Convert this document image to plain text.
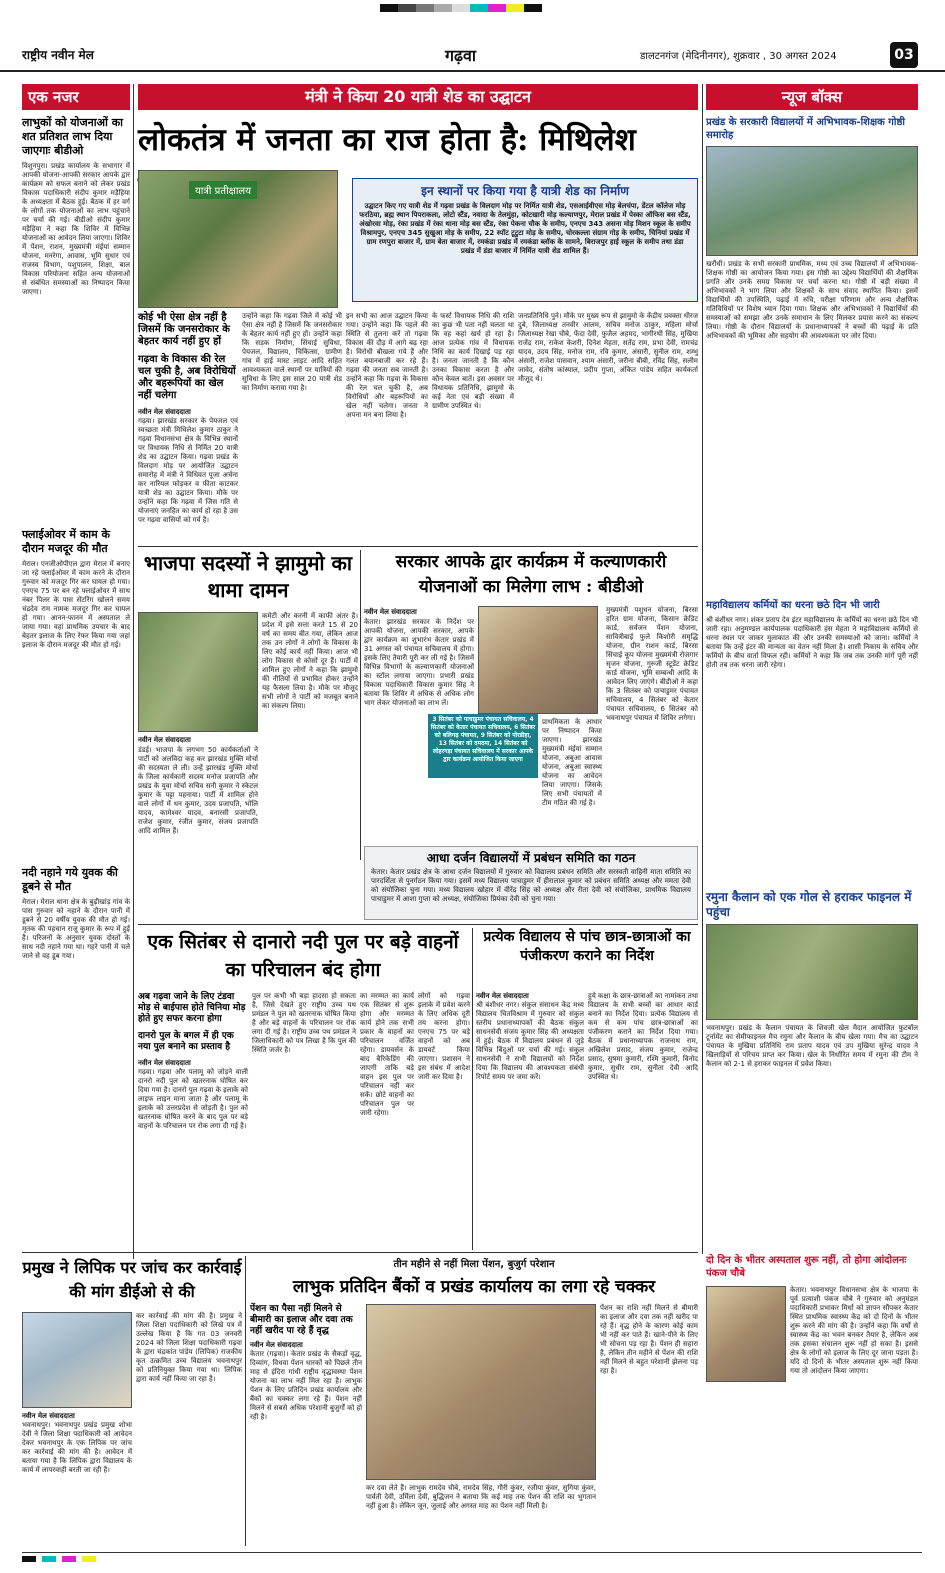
राष्ट्रीय नवीन मेल	गढ़वा	डालटनगंज (मेदिनीनगर), शुक्रवार , 30 अगस्त 2024	03
एक नजर
लाभुकों को योजनाओं का शत प्रतिशत लाभ दिया जाएगाः बीडीओ

विशुनपुरा। प्रखंड कार्यालय के सभागार में आपकी योजना-आपकी सरकार आपके द्वार कार्यक्रम को सफल बनाने को लेकर प्रखंड विकास पदाधिकारी संदीप कुमार मड़ैहिया के अध्यक्षता में बैठक हुई। बैठक में हर वर्ग के लोगों तक योजनाओं का लाभ पहुंचाने पर चर्चा की गई। बीडीओ संदीप कुमार मड़ैहिया ने कहा कि शिविर में विभिन्न योजनाओं का आवेदन लिया जाएगा। शिविर में पेंशन, राशन, मुख्यमंत्री मंईयां सम्मान योजना, मनरेगा, आवास, भूमि सुधार एवं राजस्व विभाग, पशुपालन, शिक्षा, बाल विकास परियोजना सहित अन्य योजनाओं से संबंधित समस्याओं का निष्पादन किया जाएगा।

फ्लाईओवर में काम के दौरान मजदूर की मौत

मेराल। एनजीओपीएल द्वारा मेराल में बनाए जा रहे फ्लाईओवर में काम करने के दौरान गुरुवार को मजदूर गिर कर घायल हो गया। एनएच 75 पर बन रहे फ्लाईओवर में साथ नंबर पिलर के पास सेंटरिंग खोलने समय चंद्रदेव राम नामक मजदूर गिर कर घायल हो गया। आनन-फानन में अस्पताल ले जाया गया। वहां प्राथमिक उपचार के बाद बेहतर इलाज के लिए रेफर किया गया जहां इलाज के दौरान मजदूर की मौत हो गई।

नदी नहाने गये युवक की डूबने से मौत

मेराल। मेराल थाना क्षेत्र के बुढ़ीखांड़ गांव के पास गुरुवार को नहाने के दौरान पानी में डूबने से 20 वर्षीय युवक की मौत हो गई। मृतक की पहचान राजू कुमार के रूप में हुई है। परिजनों के अनुसार युवक दोस्तों के साथ नदी नहाने गया था। गहरे पानी में चले जाने से वह डूब गया।

मंत्री ने किया 20 यात्री शेड का उद्घाटन
लोकतंत्र में जनता का राज होता है: मिथिलेश
यात्री प्रतीक्षालय	इन स्थानों पर किया गया है यात्री शेड का निर्माण

उद्घाटन किए गए यात्री शेड में गढ़वा प्रखंड के विलदाग मोड़ पर निर्मित यात्री शेड, एसआईवीएस मोड़ बेलचंपा, डेंटल कॉलेज मोड़ फरठिया, ब्रह्म स्थान पिपराकला, लोटो स्टैंड, नवादा के तेलमुंहा, कोटखारी मोड़ कल्याणपुर, मेराल प्रखंड में पेस्का ऑफिस बस स्टैंड, अंखोरवा मोड़, रंका प्रखंड में रंका थाना मोड़ बस स्टैंड, रंका पेकना चौक के समीप, एनएच 343 असना मोड़ मिशन स्कूल के समीप विश्रामपुर, एनएच 345 सुखुआ मोड़ के समीप, 22 स्पॉट टूटुटा मोड़ के समीप, चोरकल्ला संग्राम गोड़ के समीप, चिनियां प्रखंड में ग्राम रणपुरा बाजार में, ग्राम बेता बाजार में, रमकंडा प्रखंड में रमकंडा ब्लॉक के सामने, बिराजपुर हाई स्कूल के समीप तथा डंडा प्रखंड में डंडा बाजार में निर्मित यात्री शेड शामिल हैं।

कोई भी ऐसा क्षेत्र नहीं है जिसमें कि जनसरोकार के बेहतर कार्य नहीं हुए हों
गढ़वा के विकास की रेल चल चुकी है, अब विरोधियों और बहरूपियों का खेल नहीं चलेगा
नवीन मेल संवाददाता

गढ़वा। झारखंड सरकार के पेयजल एवं स्वच्छता मंत्री मिथिलेश कुमार ठाकुर ने गढ़वा विधानसभा क्षेत्र के विभिन्न स्थानों पर विधायक निधि से निर्मित 20 यात्री शेड का उद्घाटन किया। गढ़वा प्रखंड के विलदाग मोड़ पर आयोजित उद्घाटन समारोह में मंत्री ने विधिवत पूजा अर्चना कर नारियल फोड़कर व फीता काटकर यात्री शेड का उद्घाटन किया। मौके पर उन्होंने कहा कि गढ़वा में जिस गति से योजनाएं जनहित का कार्य हो रहा है उस पर गढ़वा वासियों को गर्व है।

उन्होंने कहा कि गढ़वा जिले में कोई भी ऐसा क्षेत्र नहीं है जिसमें कि जनसरोकार के बेहतर कार्य नहीं हुए हों। उन्होंने कहा कि सड़क निर्माण, सिंचाई सुविधा, पेयजल, विद्यालय, चिकित्सा, ग्रामीण गांव में हाई मास्ट लाइट आदि सहित आवश्यकता वाले स्थानों पर यात्रियों की सुविधा के लिए इस साल 20 यात्री शेड का निर्माण कराया गया है।

इन सभी का आज उद्घाटन किया गया। उन्होंने कहा कि पहले की स्थिति से तुलना करें तो गढ़वा विकास की दौड़ में आगे बढ़ रहा है। विरोधी बौखला गये हैं और गलत बयानबाजी कर रहे हैं। गढ़वा की जनता सब जानती है। उन्होंने कहा कि गढ़वा के विकास की रेल चल चुकी है, अब विरोधियों और बहरूपियों का खेल नहीं चलेगा। जनता ने अपना मन बना लिया है।

के फर्स्ट विधायक निधि की राशि का कुछ भी पता नहीं चलता था कि वह कहां खर्च हो रहा है। आज प्रत्येक गांव में विधायक निधि का कार्य दिखाई पड़ रहा है। जनता जानती है कि कौन उनका विकास करता है और कौन केवल बातें। इस अवसर पर विधायक प्रतिनिधि, झामुमो के कई नेता एवं बड़ी संख्या में ग्रामीण उपस्थित थे।

जनप्रतिनिधि पुने। मौके पर मुख्य रूप से झामुमो के केंद्रीय प्रवक्ता धीरज दुबे, जिलाध्यक्ष तनवीर आलम, सचिव मनोज ठाकुर, महिला मोर्चा जिलाध्यक्ष रेखा चौबे, फेंदा देवी, फुजैल अहमद, भागीरथी सिंह, मुखिया राजेंद्र राम, राकेश केशरी, दिनेश मेहता, सतेंद्र राम, प्रभा देवी, रामचंद्र यादव, उदय सिंह, मनोज राम, रवि कुमार, अंसारी, सुनील राम, शम्भु अंसारी, राजेश पासवान, श्याम अंसारी, जरीना बीबी, रविंद्र सिंह, सलीम जावेद, संतोष कांस्याल, प्रदीप गुप्ता, अंकित पांडेय सहित कार्यकर्ता मौजूद थे।

भाजपा सदस्यों ने झामुमो का थामा दामन
नवीन मेल संवाददाता

डंडई। भाजपा के लगभग 50 कार्यकर्ताओं ने पार्टी को अलविदा कह कर झारखंड मुक्ति मोर्चा की सदस्यता ले ली। उन्हें झारखंड मुक्ति मोर्चा के जिला कार्यकारी सदस्य मनोज प्रजापति और प्रखंड के युवा मोर्चा सचिव सनी कुमार ने स्केटल कुमार के पट्टा पहनाया। पार्टी में शामिल होने वाले लोगों में धन कुमार, उदय प्रजापति, भोलि यादव, कामेश्वर यादव, बनारसी प्रजापति, राजेश कुमार, रंजीत कुमार, संजय प्रजापति आदि शामिल हैं।

कमेटी और करनी में काफी अंतर है। प्रदेश में इसे सत्ता करते 15 से 20 वर्ष का समय बीत गया, लेकिन आज तक उन लोगों ने लोगों के विकास के लिए कोई कार्य नहीं किया। आज भी लोग विकास से कोसों दूर हैं। पार्टी में शामिल हुए लोगों ने कहा कि झामुमो की नीतियों से प्रभावित होकर उन्होंने यह फैसला लिया है। मौके पर मौजूद सभी लोगों ने पार्टी को मजबूत बनाने का संकल्प लिया।

सरकार आपके द्वार कार्यक्रम में कल्याणकारी योजनाओं का मिलेगा लाभ : बीडीओ
नवीन मेल संवाददाता

केतार। झारखंड सरकार के निर्देश पर आपकी योजना, आपकी सरकार, आपके द्वार कार्यक्रम का शुभारंभ केतार प्रखंड में 31 अगस्त को पंचायत सचिवालय में होगा। इसके लिए तैयारी पूरी कर ली गई है। जिसमें विभिन्न विभागों के कल्याणकारी योजनाओं का स्टॉल लगाया जाएगा। प्रभारी प्रखंड विकास पदाधिकारी विकास कुमार सिंह ने बताया कि शिविर में अधिक से अधिक लोग भाग लेकर योजनाओं का लाभ लें।

3 सितंबर को पाचाडुमर पंचायत सचिवालय, 4 सितंबर को केतार पंचायत सचिवालय, 6 सितंबर को बलिगढ़ पंचायत, 9 सितंबर को पोरडीहा, 13 सितंबर को दमदमा, 14 सितंबर को लोहरगड़ा पंचायत सचिवालय में सरकार आपके द्वार कार्यक्रम आयोजित किया जाएगा

प्राथमिकता के आधार पर निष्पादन किया जाएगा। झारखंड मुख्यमंत्री मंईयां सम्मान योजना, अबुआ आवास योजना, अबुआ स्वास्थ्य योजना का आवेदन लिया जाएगा। जिसके लिए सभी पंचायतों में टीम गठित की गई है।

मुख्यमंत्री पशुधन योजना, बिरसा हरित ग्राम योजना, किसान क्रेडिट कार्ड, सर्वजन पेंशन योजना, सावित्रीबाई फुले किशोरी समृद्धि योजना, ग्रीन राशन कार्ड, बिरसा सिंचाई कूप योजना मुख्यमंत्री रोजगार सृजन योजना, गुरुजी स्टूडेंट क्रेडिट कार्ड योजना, भूमि सम्बन्धी आदि के आवेदन लिए जाएंगे। बीडीओ ने कहा कि 3 सितंबर को पाचाडुमर पंचायत सचिवालय, 4 सितंबर को केतार पंचायत सचिवालय, 6 सितंबर को भवनाथपुर पंचायत में शिविर लगेगा।

आधा दर्जन विद्यालयों में प्रबंधन समिति का गठन

केतार। केतार प्रखंड क्षेत्र के आधा दर्जन विद्यालयों में गुरुवार को विद्यालय प्रबंधन समिति और सरस्वती वाहिनी माता समिति का पारदर्शिता से पुनर्गठन किया गया। इसमें मध्य विद्यालय पाचाडुमर में हीरालाल कुमार को प्रबंधन समिति अध्यक्ष और ममता देवी को संयोजिका चुना गया। मध्य विद्यालय खोहार में वीरेंद्र सिंह को अध्यक्ष और रीता देवी को संयोजिका, प्राथमिक विद्यालय पाचाडुमर में आशा गुप्ता को अध्यक्ष, संयोजिका प्रियंका देवी को चुना गया।

एक सितंबर से दानारो नदी पुल पर बड़े वाहनों का परिचालन बंद होगा
अब गढ़वा जाने के लिए टंडवा मोड़ से बाईपास होते चिनिया मोड़ होते हुए सफर करना होगा
दानरो पुल के बगल में ही एक नया पुल बनाने का प्रस्ताव है
नवीन मेल संवाददाता

गढ़वा। गढ़वा और पलामू को जोड़ने वाली दानरो नदी पुल को खतरनाक घोषित कर दिया गया है। दानरो पुल गढ़वा के इलाके को लाइफ लाइन माना जाता है और पलामू के इलाके को उत्तरप्रदेश से जोड़ती है। पुल को खतरनाक घोषित करने के बाद पुल पर बड़े वाहनों के परिचालन पर रोक लगा दी गई है।

पुल पर कभी भी बड़ा हादसा हो सकता है, जिसे देखते हुए राष्ट्रीय उच्च पथ प्रमंडल ने पुल को खतरनाक घोषित किया है और बड़े वाहनों के परिचालन पर रोक लगा दी गई है। राष्ट्रीय उच्च पथ प्रमंडल ने जिलाधिकारी को पत्र लिखा है कि पुल की स्थिति जर्जर है।

का मरम्मत का कार्य एक सितंबर से शुरू होगा और मरम्मत कार्य होने तक सभी प्रकार के वाहनों का परिचालन वर्जित रहेगा। डायवर्सन के बाद बैरिकेडिंग की जाएगी ताकि बड़े वाहन इस पुल पर परिचालन नहीं कर सकें। छोटे वाहनों का परिचालन पुल पर जारी रहेगा।

लोगों को गढ़वा इलाके में प्रवेश करने के लिए अधिक दूरी तय करना होगा। एनएच 75 पर बड़े वाहनों को अब डायवर्ट किया जाएगा। प्रशासन ने इस संबंध में आदेश जारी कर दिया है।

प्रत्येक विद्यालय से पांच छात्र-छात्राओं का पंजीकरण कराने का निर्देश
नवीन मेल संवाददाता

श्री बंशीधर नगर। संकुल संसाधन केंद्र मध्य विद्यालय चितविश्राम में गुरुवार को संकुल स्तरीय प्रधानाध्यापकों की बैठक संकुल साधनसेवी संजय कुमार सिंह की अध्यक्षता में हुई। बैठक में विद्यालय प्रबंधन से जुड़े विभिन्न बिंदुओं पर चर्चा की गई। संकुल साधनसेवी ने सभी विद्यालयों को निर्देश दिया कि विद्यालय की आवश्यकता संबंधी रिपोर्ट समय पर जमा करें।

हुये कक्षा के छात्र-छात्राओं का नामांकन तथा विद्यालय के सभी बच्चों का आधार कार्ड बनाने का निर्देश दिया। प्रत्येक विद्यालय से कम से कम पांच छात्र-छात्राओं का पंजीकरण कराने का निर्देश दिया गया। बैठक में प्रधानाध्यापक राजनाथ राम, अखिलेश प्रसाद, संजय कुमार, राजेन्द्र प्रसाद, सुषमा कुमारी, रश्मि कुमारी, विनोद कुमार, सुधीर राम, सुनीता देवी आदि उपस्थित थे।

न्यूज बॉक्स
प्रखंड के सरकारी विद्यालयों में अभिभावक-शिक्षक गोष्ठी समारोह

खरौंधी। प्रखंड के सभी सरकारी प्राथमिक, मध्य एवं उच्च विद्यालयों में अभिभावक-शिक्षक गोष्ठी का आयोजन किया गया। इस गोष्ठी का उद्देश्य विद्यार्थियों की शैक्षणिक प्रगति और उनके समग्र विकास पर चर्चा करना था। गोष्ठी में बड़ी संख्या में अभिभावकों ने भाग लिया और शिक्षकों के साथ संवाद स्थापित किया। इसमें विद्यार्थियों की उपस्थिति, पढ़ाई में रुचि, परीक्षा परिणाम और अन्य शैक्षणिक गतिविधियों पर विशेष ध्यान दिया गया। शिक्षक और अभिभावकों ने विद्यार्थियों की समस्याओं को समझा और उनके समाधान के लिए मिलकर प्रयास करने का संकल्प लिया। गोष्ठी के दौरान विद्यालयों के प्रधानाध्यापकों ने बच्चों की पढ़ाई के प्रति अभिभावकों की भूमिका और सहयोग की आवश्यकता पर जोर दिया।

महाविद्यालय कर्मियों का धरना छठे दिन भी जारी

श्री बंशीधर नगर। शंकर प्रताप देव इंटर महाविद्यालय के कर्मियों का धरना छठे दिन भी जारी रहा। अनुमण्डल कार्यपालक पदाधिकारी हंस मेहता ने महाविद्यालय कर्मियों से धरना स्थल पर जाकर मुलाकात की और उनकी समस्याओं को जाना। कर्मियों ने बताया कि उन्हें इंटर की मान्यता का वेतन नहीं मिला है। शासी निकाय के सचिव और कर्मियों के बीच वार्ता विफल रही। कर्मियों ने कहा कि जब तक उनकी मांगें पूरी नहीं होती तब तक धरना जारी रहेगा।

रमुना कैलान को एक गोल से हराकर फाइनल में पहुंचा

भवनाथपुर। प्रखंड के कैलान पंचायत के शिवजी खेल मैदान आयोजित फुटबॉल टूर्नामेंट का सेमीफाइनल मैच रमुना और कैलान के बीच खेला गया। मैच का उद्घाटन पंचायत के मुखिया प्रतिनिधि राम प्रताप यादव एवं उप मुखिया सुरेन्द्र यादव ने खिलाड़ियों से परिचय प्राप्त कर किया। खेल के निर्धारित समय में रमुना की टीम ने कैलान को 2-1 से हराकर फाइनल में प्रवेश किया।

दो दिन के भीतर अस्पताल शुरू नहीं, तो होगा आंदोलनः पंकज चौबे

केतार। भवनाथपुर विधानसभा क्षेत्र के भाजपा के पूर्व प्रत्याशी पंकज चौबे ने गुरुवार को अनुमंडल पदाधिकारी प्रभाकर मिर्धा को ज्ञापन सौंपकर केतार स्थित प्राथमिक स्वास्थ्य केंद्र को दो दिनों के भीतर शुरू करने की मांग की है। उन्होंने कहा कि वर्षों से स्वास्थ्य केंद्र का भवन बनकर तैयार है, लेकिन अब तक इसका संचालन शुरू नहीं हो सका है। इससे क्षेत्र के लोगों को इलाज के लिए दूर जाना पड़ता है। यदि दो दिनों के भीतर अस्पताल शुरू नहीं किया गया तो आंदोलन किया जाएगा।

प्रमुख ने लिपिक पर जांच कर कार्रवाई की मांग डीईओ से की
नवीन मेल संवाददाता

भवनाथपुर। भवनाथपुर प्रखंड प्रमुख शोभा देवी ने जिला शिक्षा पदाधिकारी को आवेदन देकर भवनाथपुर के एक लिपिक पर जांच कर कार्रवाई की मांग की है। आवेदन में बताया गया है कि लिपिक द्वारा विद्यालय के कार्य में लापरवाही बरती जा रही है।

कर कार्रवाई की मांग की है। प्रमुख ने जिला शिक्षा पदाधिकारी को लिखे पत्र में उल्लेख किया है कि गत 03 जनवरी 2024 को जिला शिक्षा पदाधिकारी गढ़वा के द्वारा चंद्रकांत पांडेय (लिपिक) राजकीय कृत उत्क्रमित उच्च विद्यालय भवनाथपुर को प्रतिनियुक्त किया गया था। लिपिक द्वारा कार्य नहीं किया जा रहा है।

तीन महीने से नहीं मिला पेंशन, बुजुर्ग परेशान
लाभुक प्रतिदिन बैंकों व प्रखंड कार्यालय का लगा रहे चक्कर
पेंशन का पैसा नहीं मिलने से बीमारी का इलाज और दवा तक नहीं खरीद पा रहे हैं वृद्ध
नवीन मेल संवाददाता

केतार (गढ़वा)। केतार प्रखंड के सैकड़ों वृद्ध, दिव्यांग, विधवा पेंशन धारकों को पिछले तीन माह से इंदिरा गांधी राष्ट्रीय वृद्धावस्था पेंशन योजना का लाभ नहीं मिल रहा है। लाभुक पेंशन के लिए प्रतिदिन प्रखंड कार्यालय और बैंकों का चक्कर लगा रहे हैं। पेंशन नहीं मिलने से सबसे अधिक परेशानी बुजुर्गों को हो रही है।

कर दवा लेते हैं। लाभुक रामदेव चौबे, रामदेव सिंह, गौरी कुंवर, रजीया कुंवर, सुगिया कुंवर, पार्वती देवी, उर्मिला देवी, बुद्धिजन ने बताया कि कई माह तक पेंशन की राशि का भुगतान नहीं हुआ है। लेकिन जून, जुलाई और अगस्त माह का पेंशन नहीं मिली है।

पेंशन का राशि नहीं मिलने से बीमारी का इलाज और दवा तक नहीं खरीद पा रहे हैं। वृद्ध होने के कारण कोई काम भी नहीं कर पाते हैं। खाने-पीने के लिए भी सोचना पड़ रहा है। पेंशन ही सहारा है, लेकिन तीन महीने से पेंशन की राशि नहीं मिलने से बहुत परेशानी झेलना पड़ रहा है।
